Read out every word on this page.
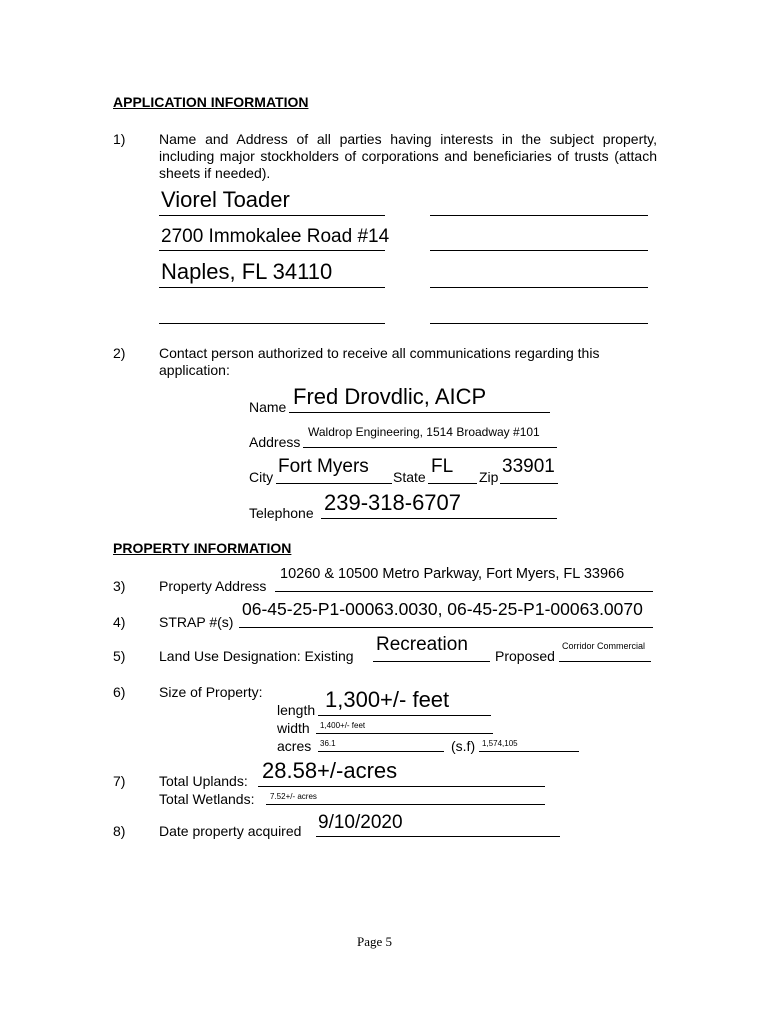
APPLICATION INFORMATION
1) Name and Address of all parties having interests in the subject property, including major stockholders of corporations and beneficiaries of trusts (attach sheets if needed).
Viorel Toader
2700 Immokalee Road #14
Naples, FL 34110
2) Contact person authorized to receive all communications regarding this application:
Name Fred Drovdlic, AICP
Address
Waldrop Engineering, 1514 Broadway #101
City Fort Myers State FL Zip 33901
Telephone 239-318-6707
PROPERTY INFORMATION
3) Property Address
10260 & 10500 Metro Parkway, Fort Myers, FL 33966
4) STRAP #(s)
06-45-25-P1-00063.0030, 06-45-25-P1-00063.0070
5) Land Use Designation: Existing
Recreation
Proposed
Corridor Commercial
6) Size of Property:
length 1,300+/- feet
width 1,400+/- feet
acres 36.1	(s.f) 1,574,105
7) Total Uplands: 28.58+/-acres
Total Wetlands: 7.52+/- acres
8) Date property acquired 9/10/2020
Page 5
